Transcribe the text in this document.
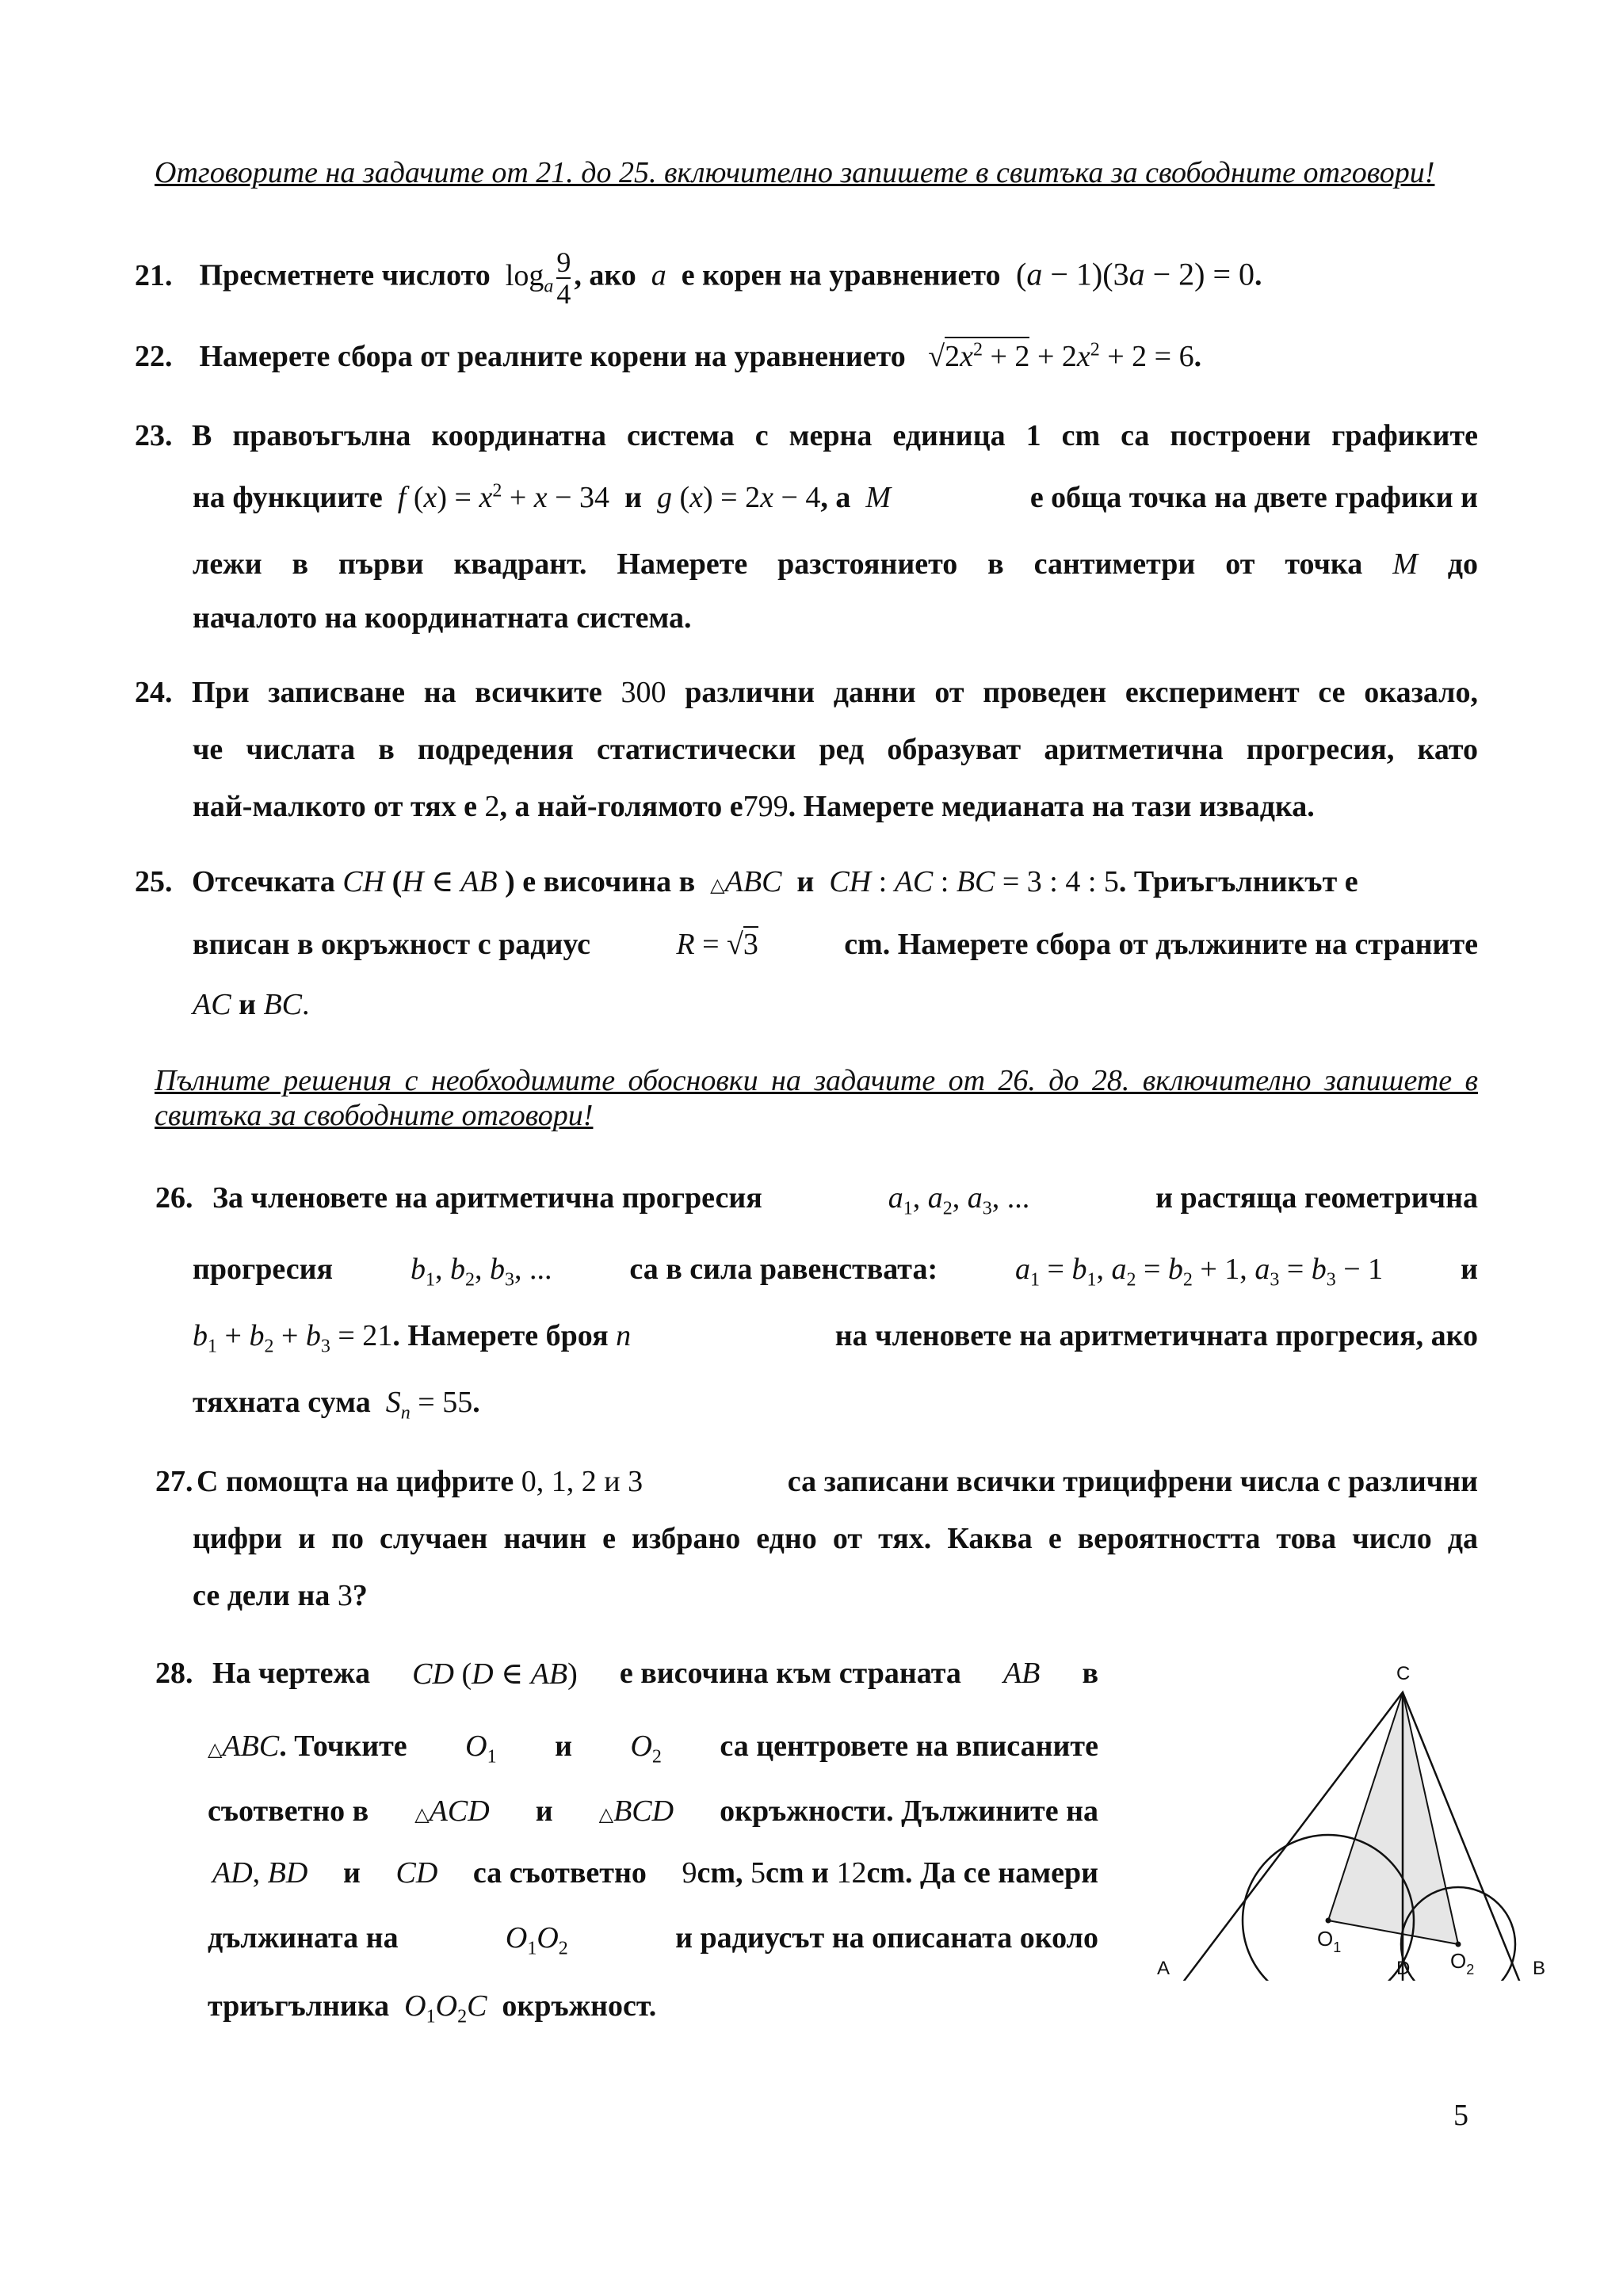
Отговорите на задачите от 21. до 25. включително запишете в свитъка за свободните отговори!
21. Пресметнете числото  $\log_a \frac{9}{4}$ , ако  a  е корен на уравнението  (a − 1)(3a − 2) = 0.
22. Намерете сбора от реалните корени на уравнението   $√2x^2 + 2 + 2x^2 + 2 = 6$.
23. В правоъгълна координатна система с мерна единица 1 cm са построени графиките
на функциите f $(x) = x^2 + x - 34$  и g (x) = 2x − 4, а  M	е обща точка на двете графики и
лежи в първи квадрант. Намерете разстоянието в сантиметри от точка M до
началото на координатната система.
24. При записване на всичките 300 различни данни от проведен експеримент се оказало,
че числата в подредения статистически ред образуват аритметична прогресия, като
най-малкото от тях е 2, а най-голямото е799. Намерете медианата на тази извадка.
25. Отсечката CH (H ∈ AB ) е височина в △ABC и CH : AC : BC = 3 : 4 : 5. Триъгълникът е
вписан в окръжност с радиус	R = √3	cm. Намерете сбора от дължините на страните
AC и BC.
Пълните решения с необходимите обосновки на задачите от 26. до 28. включително запишете в свитъка за свободните отговори!
26. За членовете на аритметична прогресия	$a_1$, $a_2$, $a_3$, ...	и растяща геометрична
прогресия	$b_1$, $b_2$, $b_3$, ...	са в сила равенствата:	$a_1 = b_1$, $a_2 = b_2 + 1$, $a_3 = b_3 - 1$	и
$b_1 + b_2 + b_3 = 21$. Намерете броя n	на членовете на аритметичната прогресия, ако
тяхната сума $S_n = 55$.
27. С помощта на цифрите 0, 1, 2 и 3	са записани всички трицифрени числа с различни
цифри и по случаен начин е избрано едно от тях. Каква е вероятността това число да
се дели на 3?
28. На чертежа CD (D ∈ AB) е височина към страната AB в
△ABC. Точките $O_1$ и $O_2$ са центровете на вписаните
съответно в △ACD и △BCD окръжности. Дължините на
AD, BD и CD са съответно 9cm, 5cm и 12cm. Да се намери
дължината на	$O_1O_2$	и радиусът на описаната около
триъгълника $O_1O_2C$ окръжност.
C
A	D	B
$O_1$
$O_2$
5
